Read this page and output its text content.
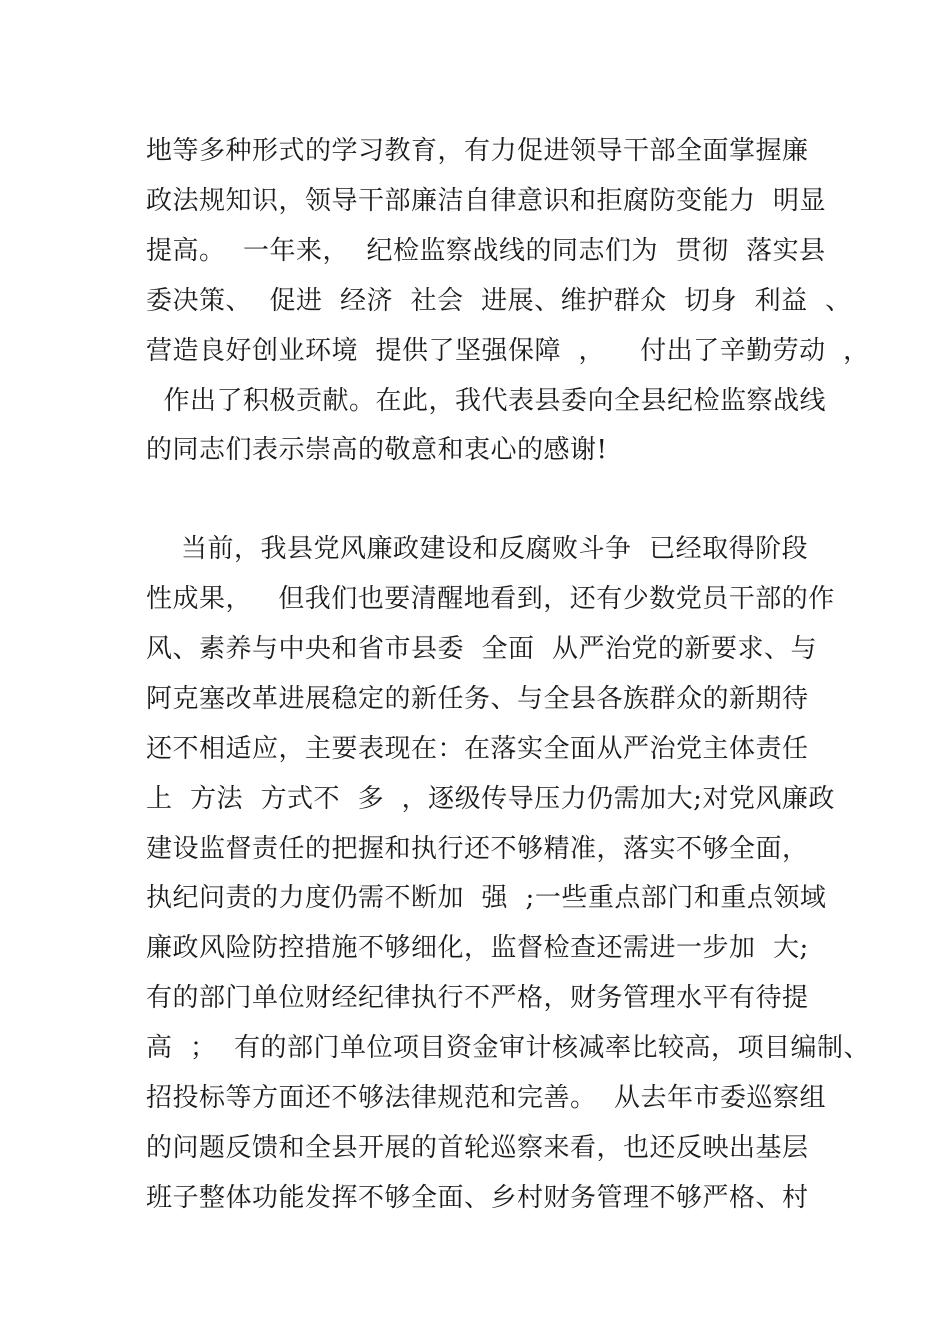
地等多种形式的学习教育，有力促进领导干部全面掌握廉
政法规知识，领导干部廉洁自律意识和拒腐防变能力  明显
提高。  一年来，  纪检监察战线的同志们为  贯彻  落实县
委决策、  促进  经济  社会  进展、维护群众  切身  利益  、
营造良好创业环境  提供了坚强保障  ，    付出了辛勤劳动  ，
作出了积极贡献。在此，我代表县委向全县纪检监察战线
的同志们表示崇高的敬意和衷心的感谢!
当前，我县党风廉政建设和反腐败斗争  已经取得阶段
性成果，   但我们也要清醒地看到，还有少数党员干部的作
风、素养与中央和省市县委  全面  从严治党的新要求、与
阿克塞改革进展稳定的新任务、与全县各族群众的新期待
还不相适应，主要表现在：在落实全面从严治党主体责任
上  方法  方式不  多  ，逐级传导压力仍需加大;对党风廉政
建设监督责任的把握和执行还不够精准，落实不够全面，
执纪问责的力度仍需不断加  强  ;一些重点部门和重点领域
廉政风险防控措施不够细化，监督检查还需进一步加  大;
有的部门单位财经纪律执行不严格，财务管理水平有待提
高  ；  有的部门单位项目资金审计核减率比较高，项目编制、
招投标等方面还不够法律规范和完善。  从去年市委巡察组
的问题反馈和全县开展的首轮巡察来看，也还反映出基层
班子整体功能发挥不够全面、乡村财务管理不够严格、村
